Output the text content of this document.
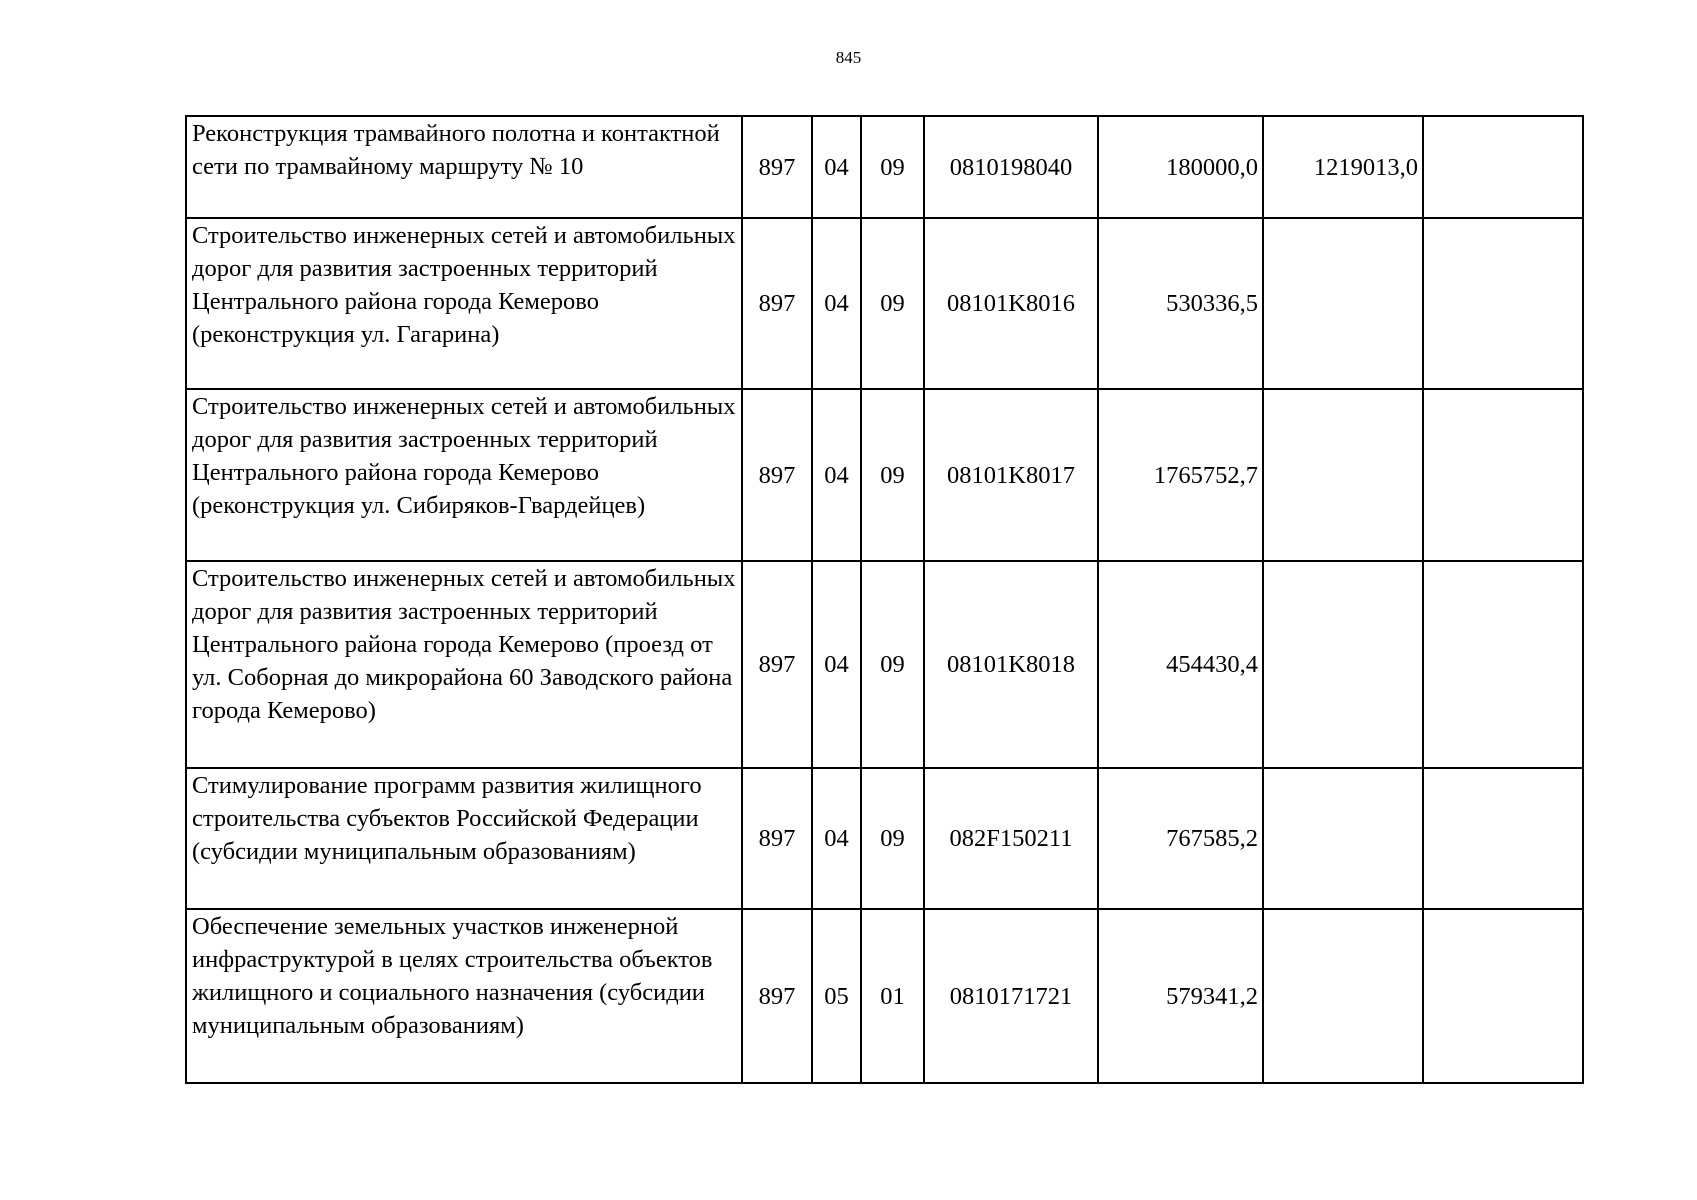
845
Реконструкция трамвайного полотна и контактной сети по трамвайному маршруту № 10	897	04	09	0810198040	180000,0	1219013,0	

Строительство инженерных сетей и автомобильных дорог для развития застроенных территорий Центрального района города Кемерово (реконструкция ул. Гагарина)	897	04	09	08101K8016	530336,5		

Строительство инженерных сетей и автомобильных дорог для развития застроенных территорий Центрального района города Кемерово (реконструкция ул. Сибиряков-Гвардейцев)	897	04	09	08101K8017	1765752,7		

Строительство инженерных сетей и автомобильных дорог для развития застроенных территорий Центрального района города Кемерово (проезд от ул. Соборная до микрорайона 60 Заводского района города Кемерово)	897	04	09	08101K8018	454430,4		

Стимулирование программ развития жилищного строительства субъектов Российской Федерации (субсидии муниципальным образованиям)	897	04	09	082F150211	767585,2		

Обеспечение земельных участков инженерной инфраструктурой в целях строительства объектов жилищного и социального назначения (субсидии муниципальным образованиям)	897	05	01	0810171721	579341,2		
